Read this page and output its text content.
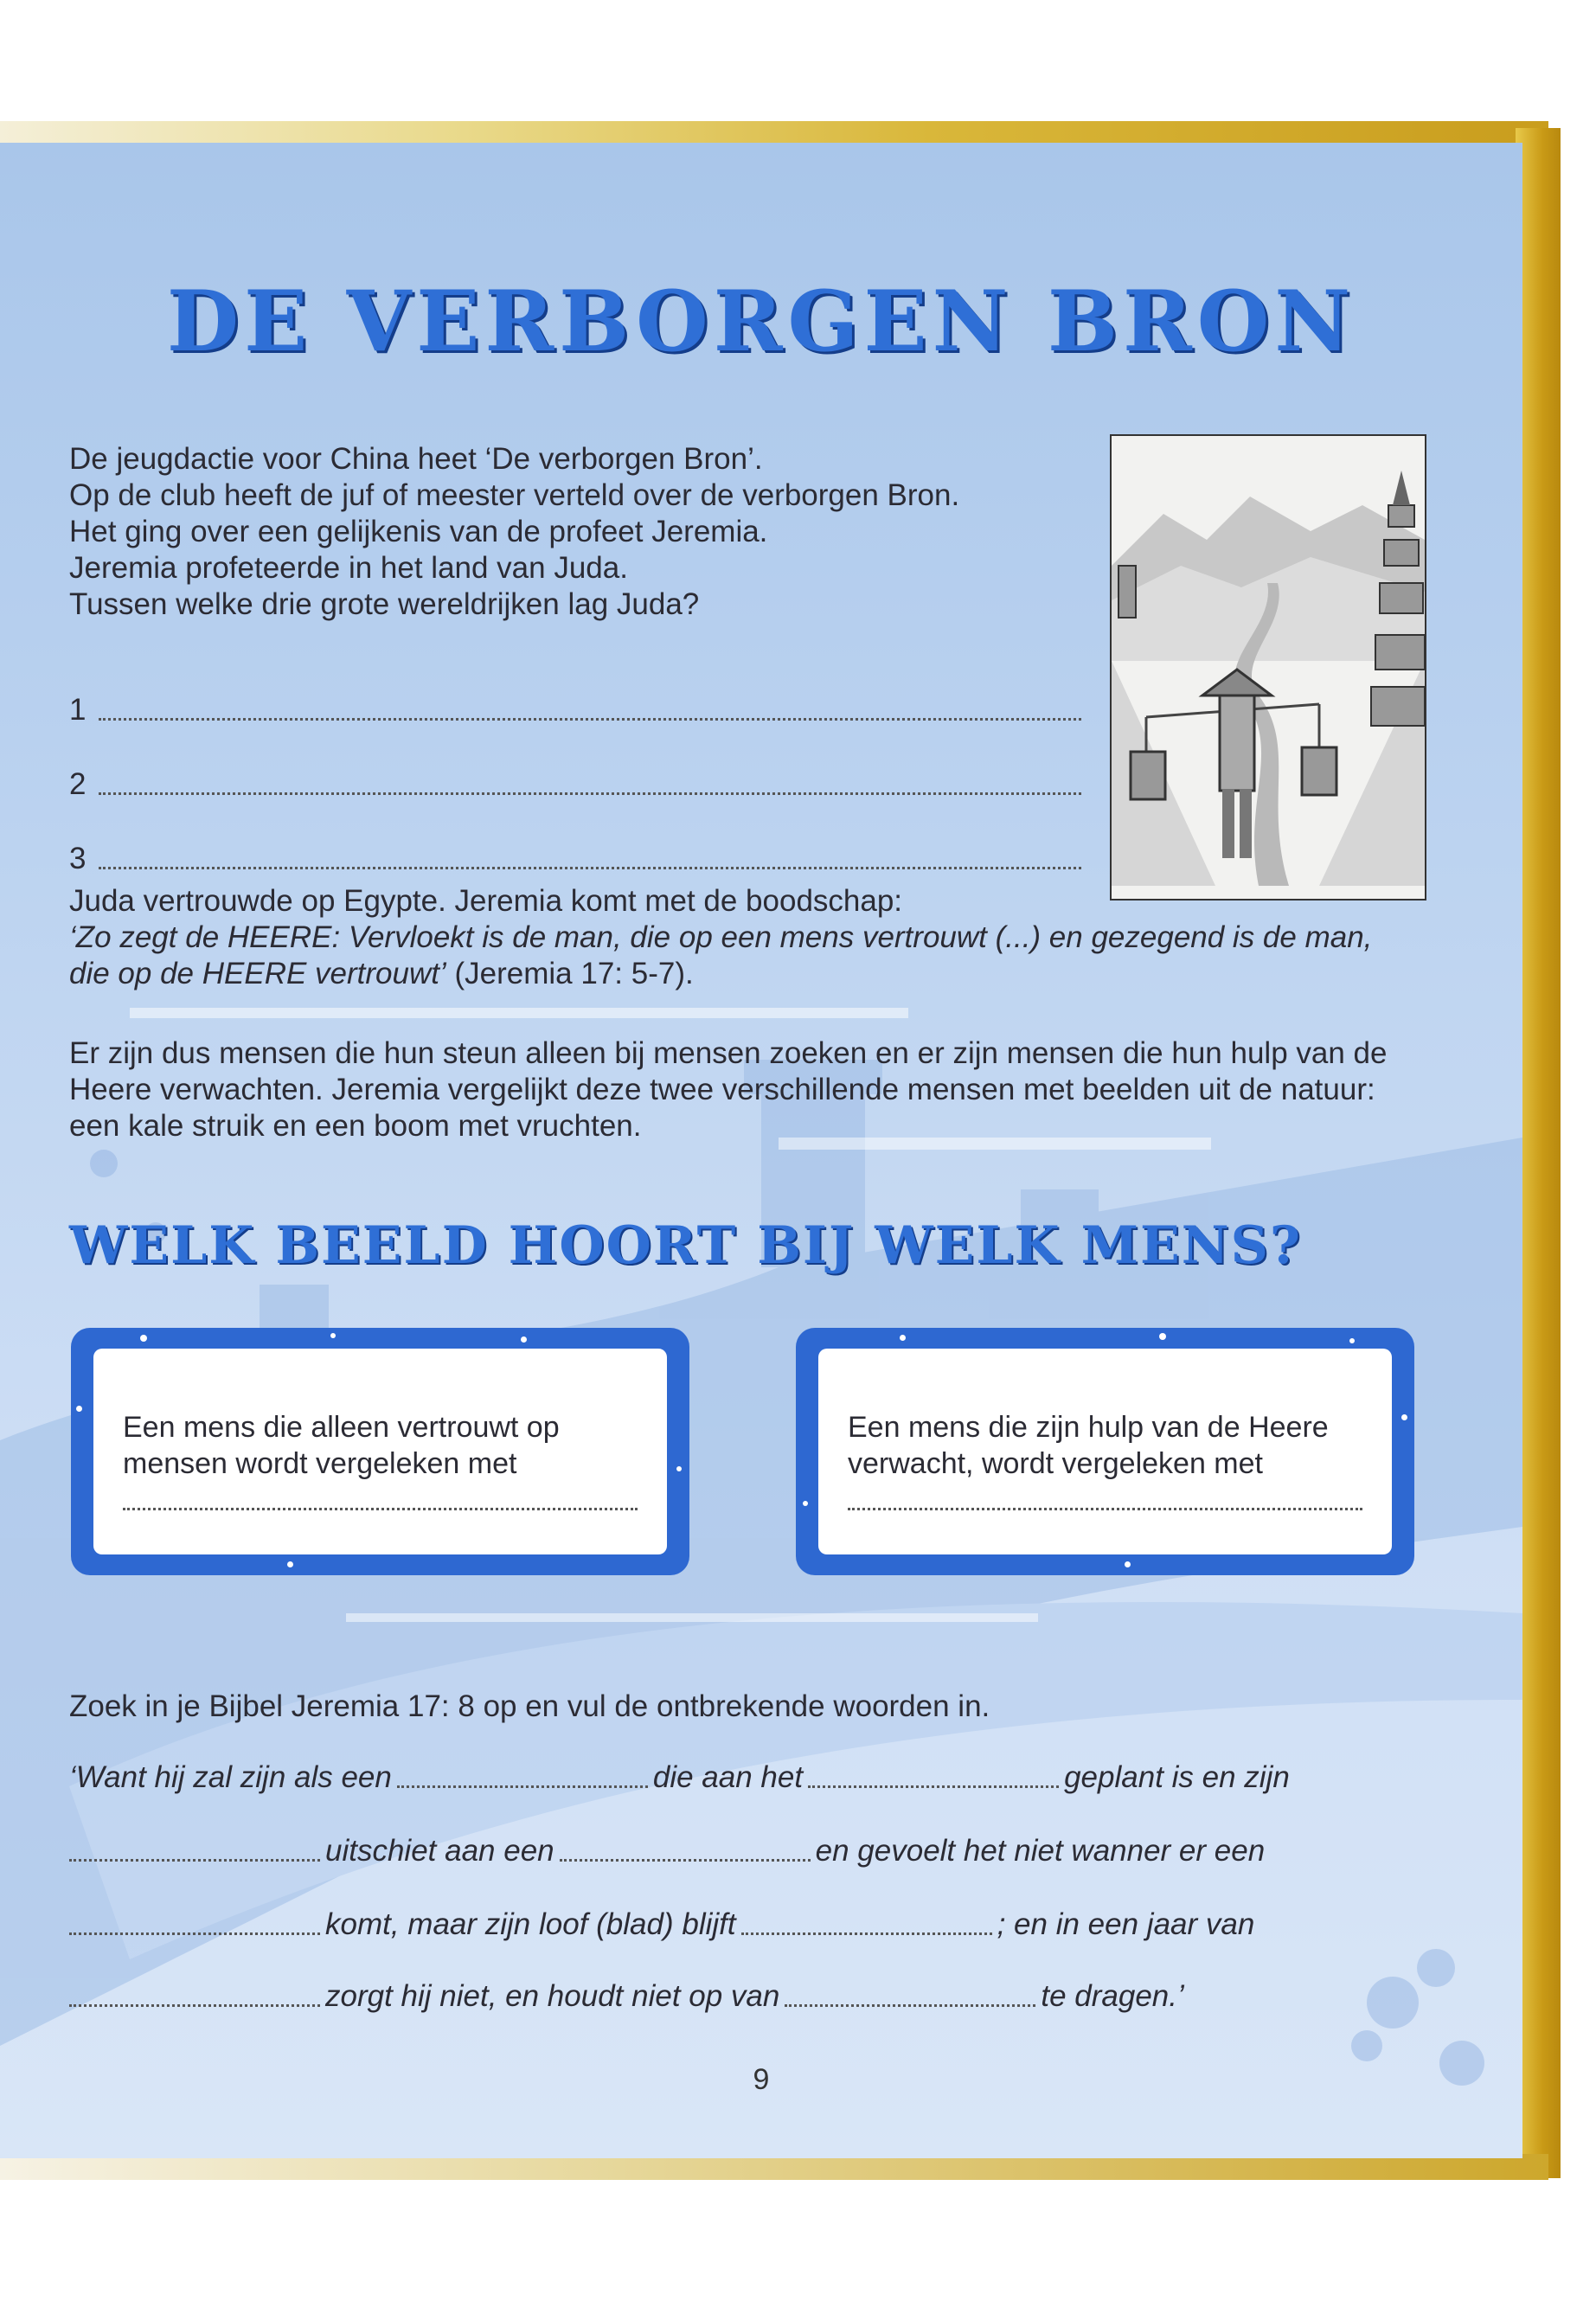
DE VERBORGEN BRON

De jeugdactie voor China heet ‘De verborgen Bron’.
Op de club heeft de juf of meester verteld over de verborgen Bron.
Het ging over een gelijkenis van de profeet Jeremia.
Jeremia profeteerde in het land van Juda.
Tussen welke drie grote wereldrijken lag Juda?

1
2
3

Juda vertrouwde op Egypte. Jeremia komt met de boodschap:
‘Zo zegt de HEERE: Vervloekt is de man, die op een mens vertrouwt (...) en gezegend is de man, die op de HEERE vertrouwt’ (Jeremia 17: 5-7).

Er zijn dus mensen die hun steun alleen bij mensen zoeken en er zijn mensen die hun hulp van de Heere verwachten. Jeremia vergelijkt deze twee verschillende mensen met beelden uit de natuur: een kale struik en een boom met vruchten.

WELK BEELD HOORT BIJ WELK MENS?

Een mens die alleen vertrouwt op mensen wordt vergeleken met

Een mens die zijn hulp van de Heere verwacht, wordt vergeleken met

Zoek in je Bijbel Jeremia 17: 8 op en vul de ontbrekende woorden in.

‘Want hij zal zijn als een	die aan het	geplant is en zijn
uitschiet aan een	en gevoelt het niet wanner er een
komt, maar zijn loof (blad) blijft	; en in een jaar van
zorgt hij niet, en houdt niet op van	te dragen.’

9
